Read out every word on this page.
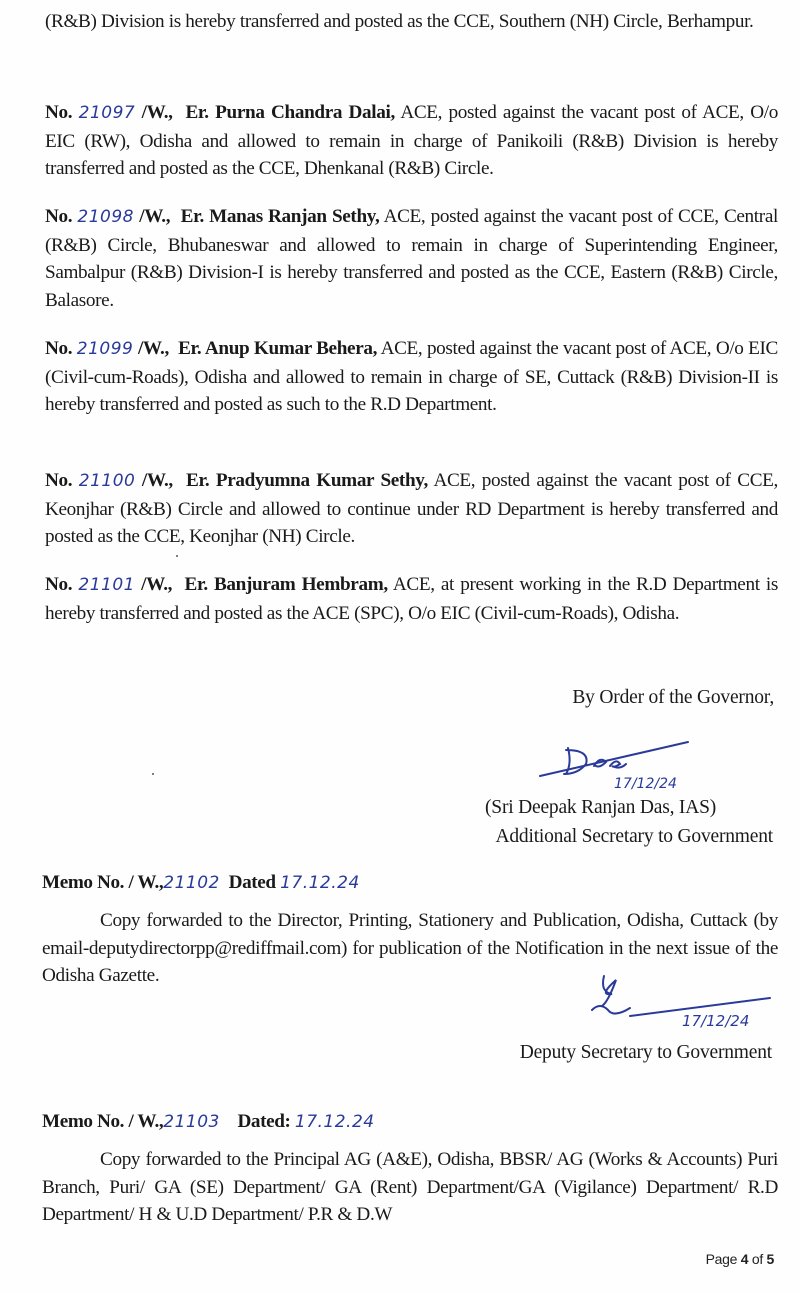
(R&B) Division is hereby transferred and posted as the CCE, Southern (NH) Circle, Berhampur.
No. 21097 /W., Er. Purna Chandra Dalai, ACE, posted against the vacant post of ACE, O/o EIC (RW), Odisha and allowed to remain in charge of Panikoili (R&B) Division is hereby transferred and posted as the CCE, Dhenkanal (R&B) Circle.
No. 21098 /W., Er. Manas Ranjan Sethy, ACE, posted against the vacant post of CCE, Central (R&B) Circle, Bhubaneswar and allowed to remain in charge of Superintending Engineer, Sambalpur (R&B) Division-I is hereby transferred and posted as the CCE, Eastern (R&B) Circle, Balasore.
No. 21099 /W., Er. Anup Kumar Behera, ACE, posted against the vacant post of ACE, O/o EIC (Civil-cum-Roads), Odisha and allowed to remain in charge of SE, Cuttack (R&B) Division-II is hereby transferred and posted as such to the R.D Department.
No. 21100 /W., Er. Pradyumna Kumar Sethy, ACE, posted against the vacant post of CCE, Keonjhar (R&B) Circle and allowed to continue under RD Department is hereby transferred and posted as the CCE, Keonjhar (NH) Circle.
No. 21101 /W., Er. Banjuram Hembram, ACE, at present working in the R.D Department is hereby transferred and posted as the ACE (SPC), O/o EIC (Civil-cum-Roads), Odisha.
By Order of the Governor,
17/12/24
(Sri Deepak Ranjan Das, IAS)
Additional Secretary to Government
Memo No. / W.,21102 Dated 17.12.24
Copy forwarded to the Director, Printing, Stationery and Publication, Odisha, Cuttack (by email-deputydirectorpp@rediffmail.com) for publication of the Notification in the next issue of the Odisha Gazette.
17/12/24
Deputy Secretary to Government
Memo No. / W.,21103 Dated: 17.12.24
Copy forwarded to the Principal AG (A&E), Odisha, BBSR/ AG (Works & Accounts) Puri Branch, Puri/ GA (SE) Department/ GA (Rent) Department/GA (Vigilance) Department/ R.D Department/ H & U.D Department/ P.R & D.W
Page 4 of 5
